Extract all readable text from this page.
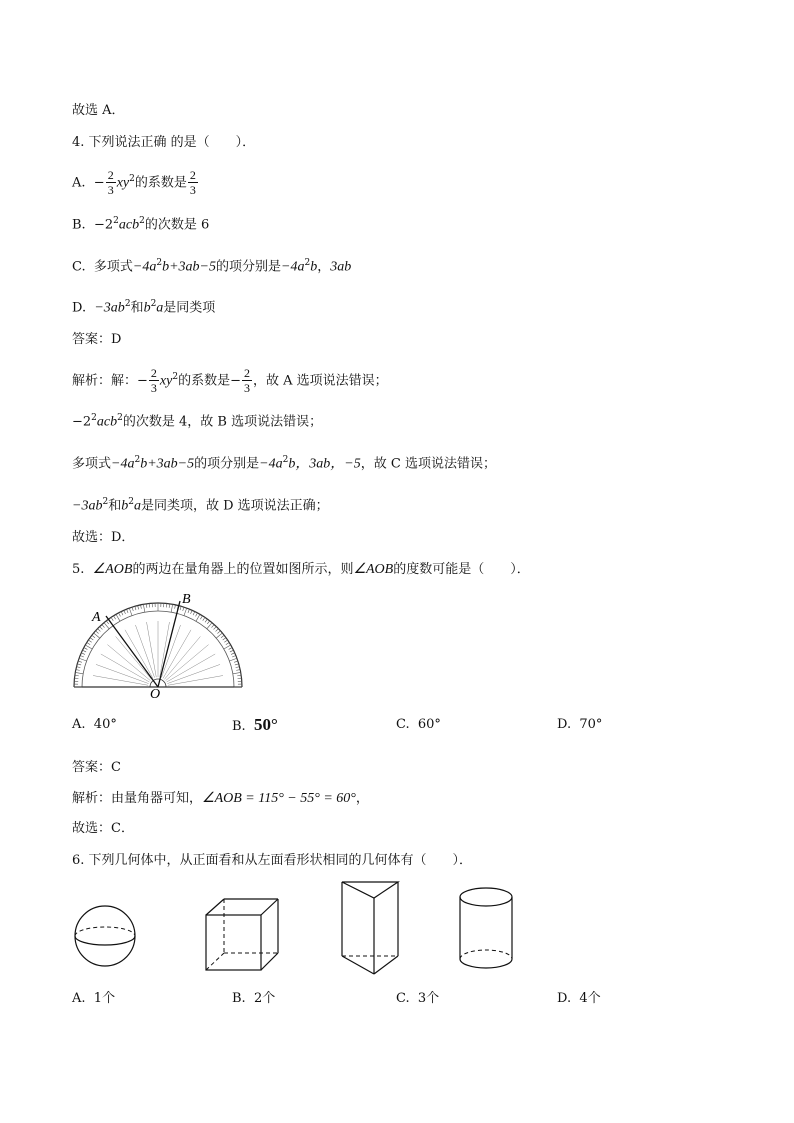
故选 A．
4. 下列说法正确 的是（　　）．
A. − $\frac{2}{3} xy^2$的系数是 $\frac{2}{3}$
B. $-2^2acb^2$的次数是 6
C. 多项式$-4a^2b+3ab-5$的项分别是$-4a^2b$，3ab
D. $-3ab^2$和$b^2a$是同类项
答案：D
解析：解：− $\frac{2}{3} xy^2$的系数是− $\frac{2}{3}$ ，故 A 选项说法错误；
$-2^2acb^2$的次数是 4，故 B 选项说法错误；
多项式$-4a^2b+3ab-5$的项分别是$-4a^2b$，3ab，−5，故 C 选项说法错误；
$-3ab^2$和$b^2a$是同类项，故 D 选项说法正确；
故选：D．
5. ∠AOB的两边在量角器上的位置如图所示，则∠AOB的度数可能是（　　）．
A
B
O
A. 40°	B. 50°	C. 60°	D. 70°
答案：C
解析：由量角器可知，∠AOB = 115° − 55° = 60°，
故选：C．
6. 下列几何体中，从正面看和从左面看形状相同的几何体有（　　）．
A. 1个	B. 2个	C. 3个	D. 4个
